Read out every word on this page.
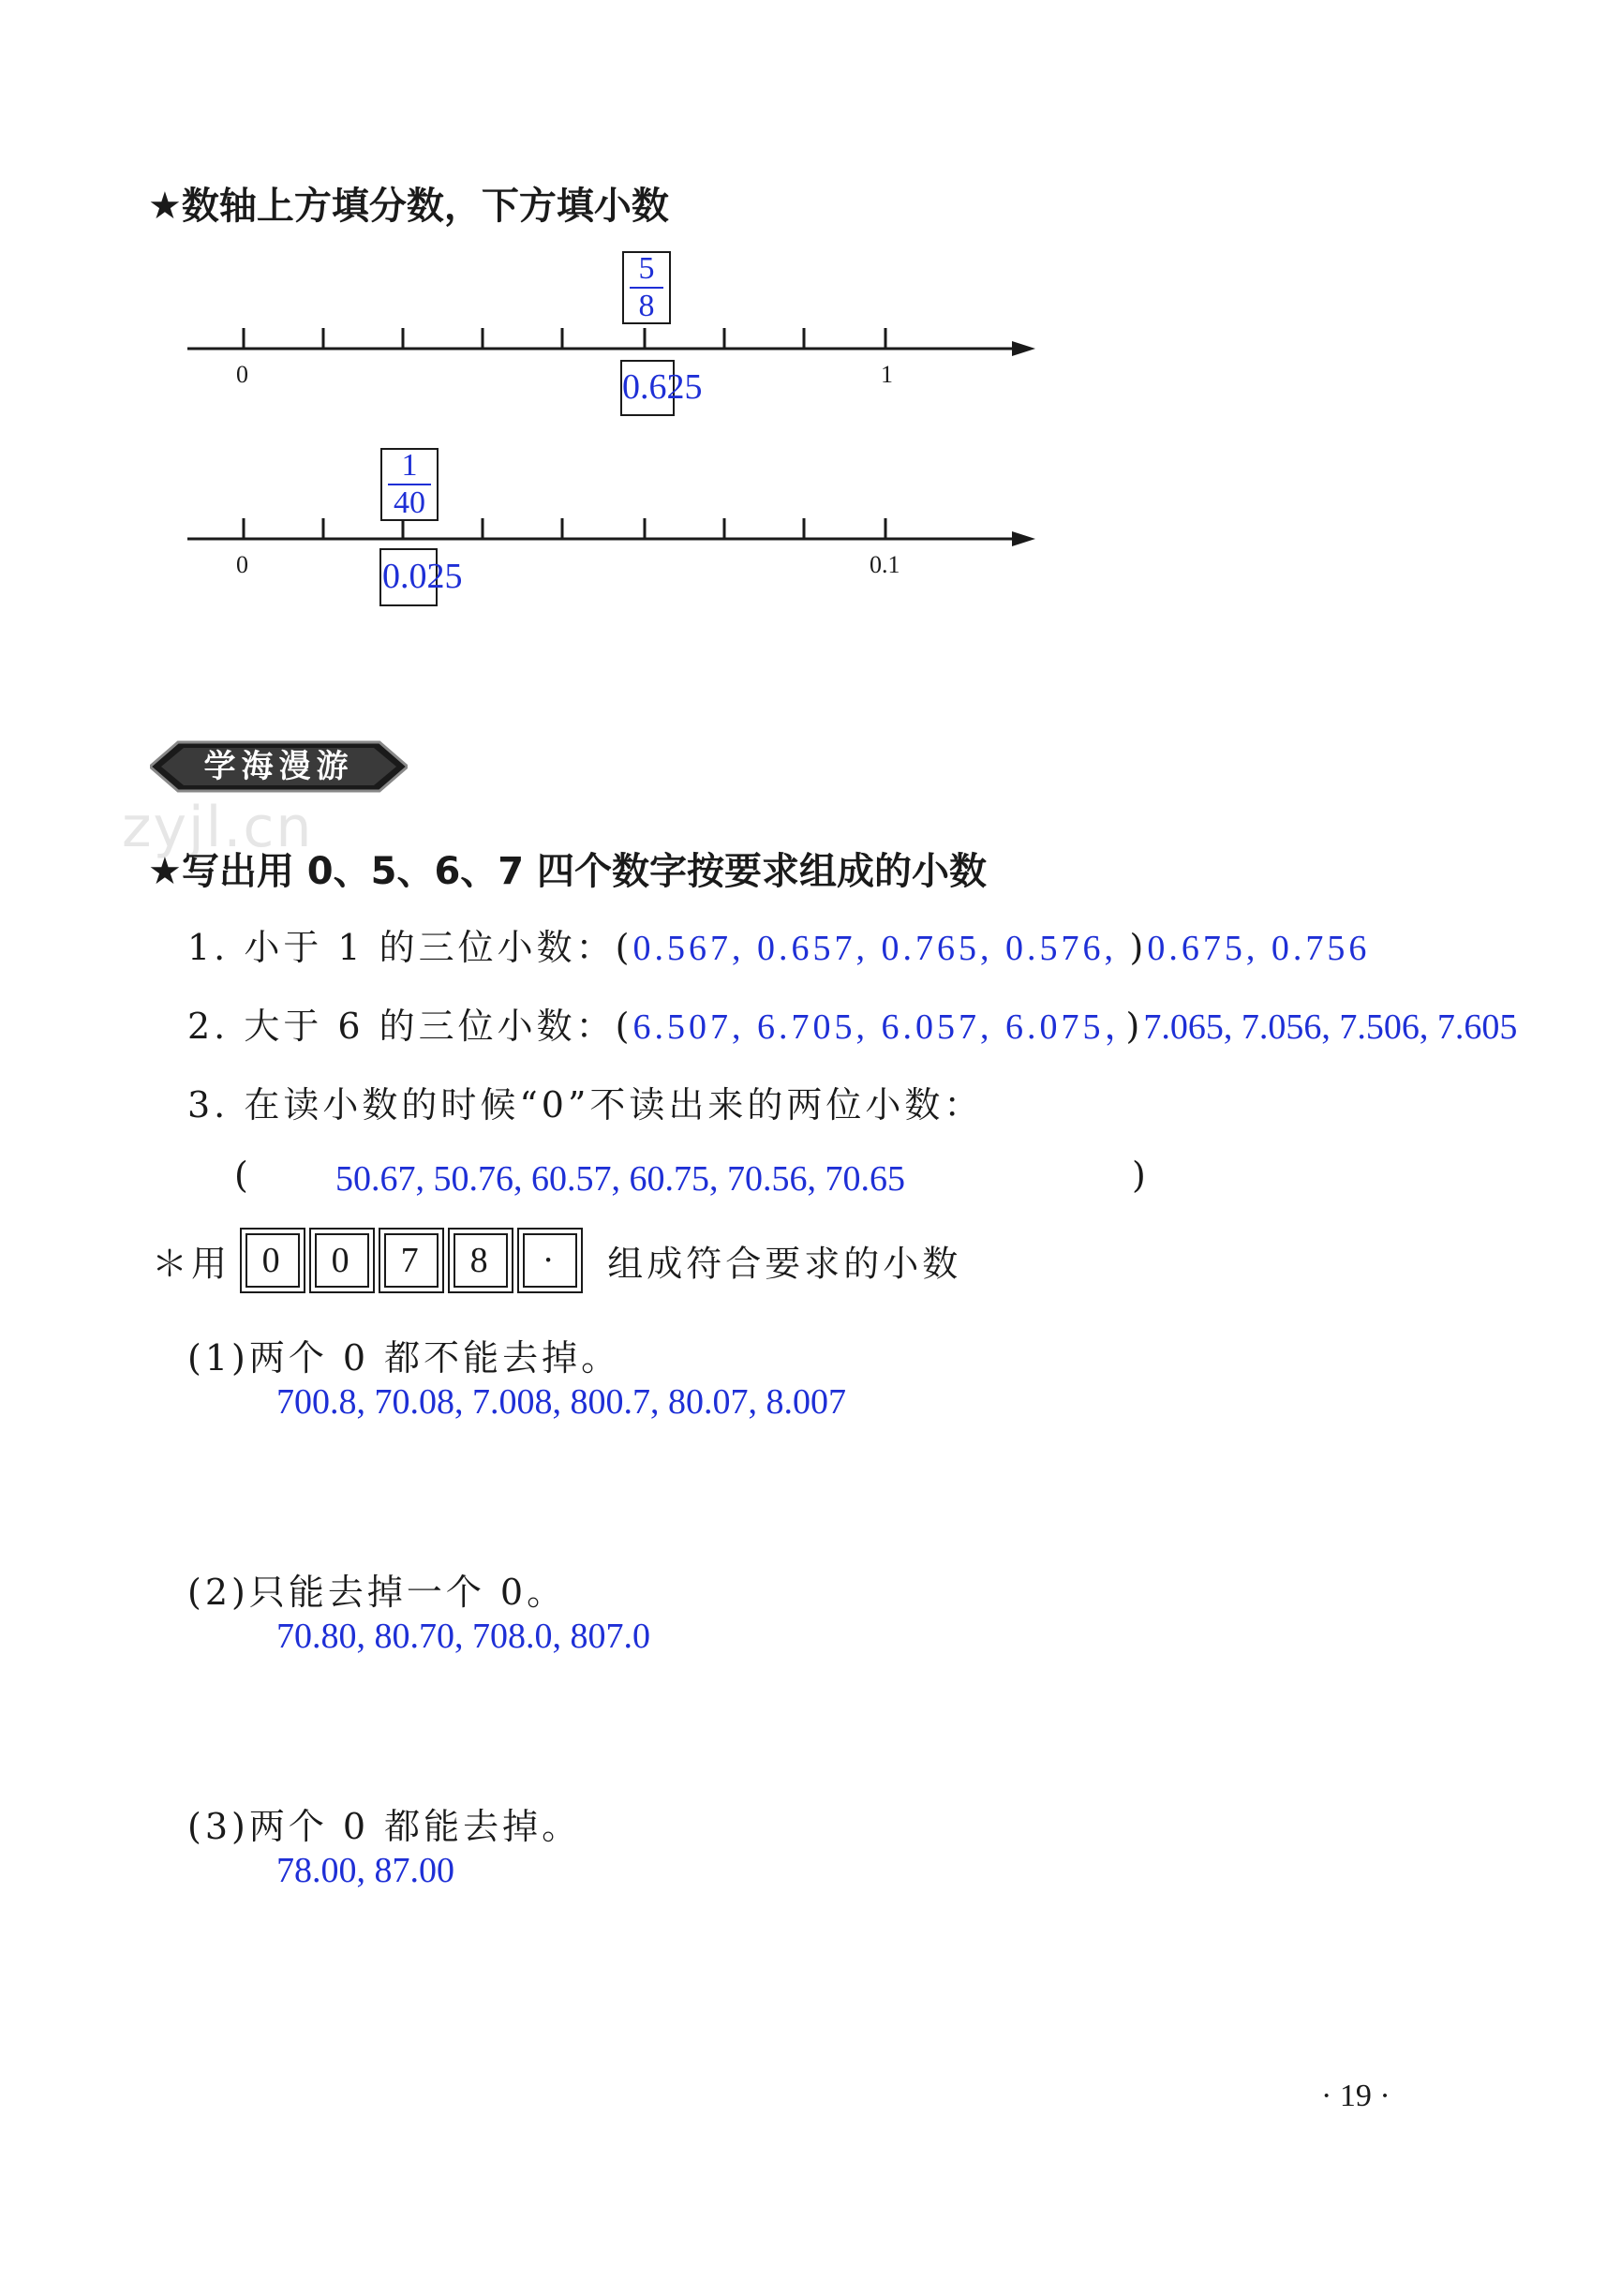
★数轴上方填分数，下方填小数
0	1
5
8
0.625
0	0.1
1
40
0.025
学海漫游
zyjl.cn
★写出用 0、5、6、7 四个数字按要求组成的小数
1. 小于 1 的三位小数：(0.567, 0.657, 0.765, 0.576, )0.675, 0.756
2. 大于 6 的三位小数：(6.507, 6.705, 6.057, 6.075，)7.065, 7.056, 7.506, 7.605
3. 在读小数的时候“0”不读出来的两位小数：
( 50.67, 50.76, 60.57, 60.75, 70.56, 70.65	)
＊用 0 0 7 8 · 组成符合要求的小数
(1)两个 0 都不能去掉。
700.8, 70.08, 7.008, 800.7, 80.07, 8.007
(2)只能去掉一个 0。
70.80, 80.70, 708.0, 807.0
(3)两个 0 都能去掉。
78.00, 87.00
· 19 ·
